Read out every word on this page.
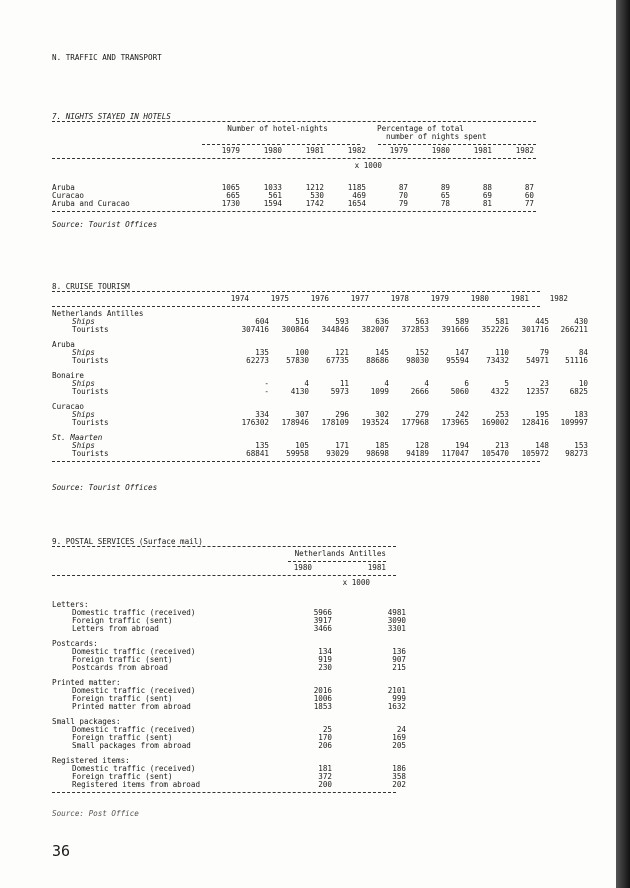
N. TRAFFIC AND TRANSPORT
7. NIGHTS STAYED IN HOTELS
Number of hotel-nights	Percentage of total
number of nights spent
1979	1980	1981	1982	1979	1980	1981	1982
x 1000
Aruba	1065	1033	1212	1185	87	89	88	87
Curacao	665	561	530	469	70	65	69	60
Aruba and Curacao	1730	1594	1742	1654	79	78	81	77
Source: Tourist Offices
8. CRUISE TOURISM
1974	1975	1976	1977	1978	1979	1980	1981	1982
Netherlands Antilles
Ships	604	516	593	636	563	589	581	445	430
Tourists	307416	300864	344846	382007	372853	391666	352226	301716	266211
Aruba
Ships	135	100	121	145	152	147	110	79	84
Tourists	62273	57830	67735	88686	98030	95594	73432	54971	51116
Bonaire
Ships	-	4	11	4	4	6	5	23	10
Tourists	-	4130	5973	1099	2666	5060	4322	12357	6825
Curacao
Ships	334	307	296	302	279	242	253	195	183
Tourists	176302	178946	178109	193524	177968	173965	169002	128416	109997
St. Maarten
Ships	135	105	171	185	128	194	213	148	153
Tourists	68841	59958	93029	98698	94189	117047	105470	105972	98273
Source: Tourist Offices
9. POSTAL SERVICES (Surface mail)
Netherlands Antilles
1980	1981
x 1000
Letters:
Domestic traffic (received)	5966	4981
Foreign traffic (sent)	3917	3090
Letters from abroad	3466	3301
Postcards:
Domestic traffic (received)	134	136
Foreign traffic (sent)	919	907
Postcards from abroad	230	215
Printed matter:
Domestic traffic (received)	2016	2101
Foreign traffic (sent)	1006	999
Printed matter from abroad	1853	1632
Small packages:
Domestic traffic (received)	25	24
Foreign traffic (sent)	170	169
Small packages from abroad	206	205
Registered items:
Domestic traffic (received)	181	186
Foreign traffic (sent)	372	358
Registered items from abroad	200	202
Source: Post Office
36
